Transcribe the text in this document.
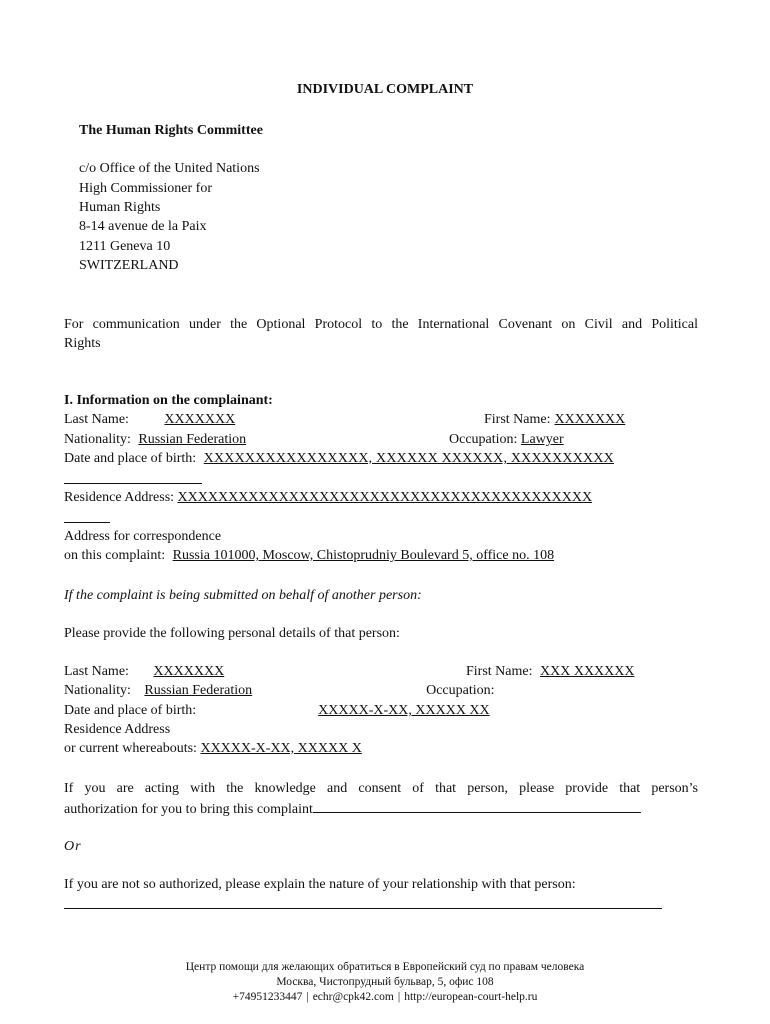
INDIVIDUAL COMPLAINT
The Human Rights Committee
c/o Office of the United Nations
High Commissioner for
Human Rights
8-14 avenue de la Paix
1211 Geneva 10
SWITZERLAND
For communication under the Optional Protocol to the International Covenant on Civil and Political
Rights
I. Information on the complainant:
Last Name:	XXXXXXX	First Name: XXXXXXX
Nationality: Russian Federation	Occupation: Lawyer
Date and place of birth: XXXXXXXXXXXXXXXX, XXXXXX XXXXXX, XXXXXXXXXX
Residence Address: XXXXXXXXXXXXXXXXXXXXXXXXXXXXXXXXXXXXXXXXX
Address for correspondence
on this complaint: Russia 101000, Moscow, Chistoprudniy Boulevard 5, office no. 108
If the complaint is being submitted on behalf of another person:
Please provide the following personal details of that person:
Last Name: XXXXXXX	First Name: XXX XXXXXX
Nationality: Russian Federation	Occupation:
Date and place of birth:	XXXXX-X-XX, XXXXX XX
Residence Address
or current whereabouts: XXXXX-X-XX, XXXXX X
If you are acting with the knowledge and consent of that person, please provide that person’s
authorization for you to bring this complaint
Or
If you are not so authorized, please explain the nature of your relationship with that person:
Центр помощи для желающих обратиться в Европейский суд по правам человека
Москва, Чистопрудный бульвар, 5, офис 108
+74951233447 | echr@cpk42.com | http://european-court-help.ru
